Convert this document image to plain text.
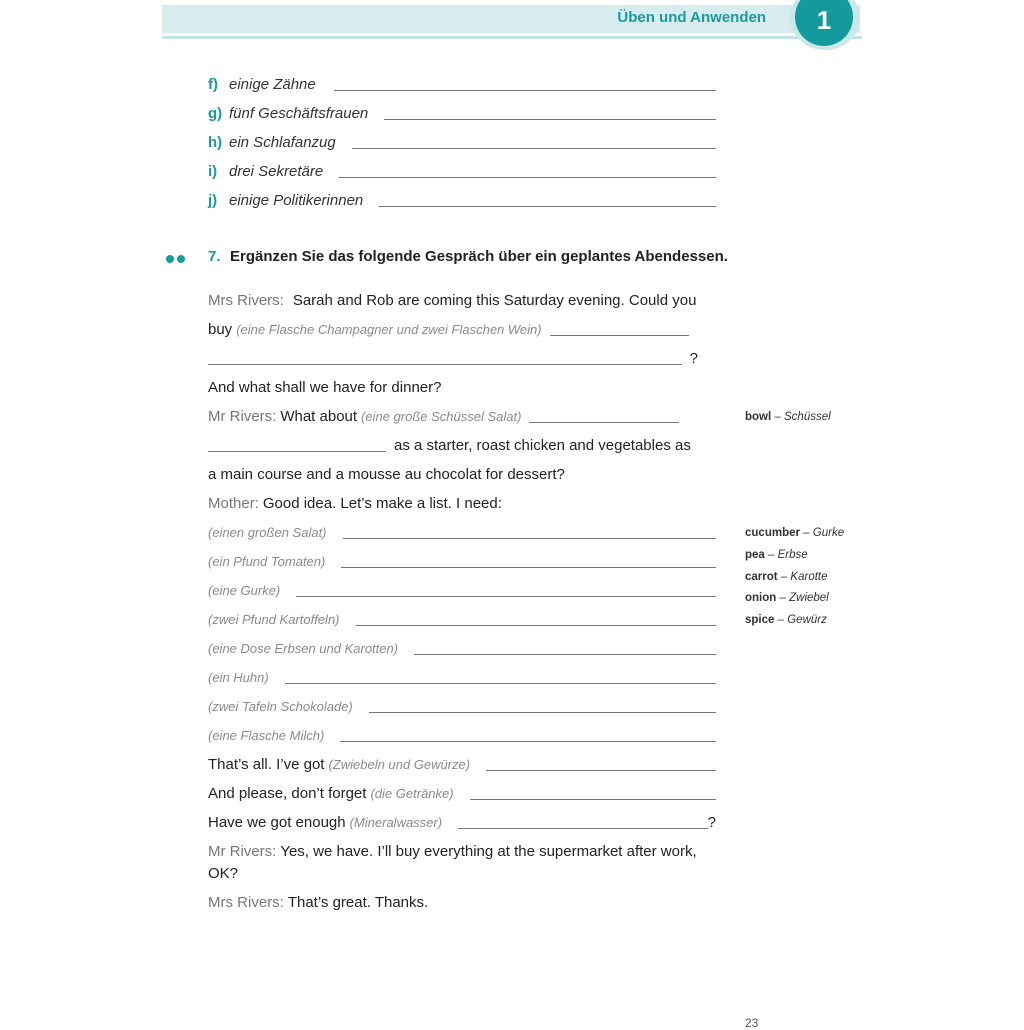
Üben und Anwenden	1
f) einige Zähne
g) fünf Geschäftsfrauen
h) ein Schlafanzug
i) drei Sekretäre
j) einige Politikerinnen
7. Ergänzen Sie das folgende Gespräch über ein geplantes Abendessen.
Mrs Rivers: Sarah and Rob are coming this Saturday evening. Could you
buy (eine Flasche Champagner und zwei Flaschen Wein)
?
And what shall we have for dinner?
Mr Rivers: What about (eine große Schüssel Salat)
as a starter, roast chicken and vegetables as
a main course and a mousse au chocolat for dessert?
Mother: Good idea. Let’s make a list. I need:
(einen großen Salat)
(ein Pfund Tomaten)
(eine Gurke)
(zwei Pfund Kartoffeln)
(eine Dose Erbsen und Karotten)
(ein Huhn)
(zwei Tafeln Schokolade)
(eine Flasche Milch)
That’s all. I’ve got (Zwiebeln und Gewürze)
And please, don’t forget (die Getränke)
Have we got enough (Mineralwasser)	?
Mr Rivers: Yes, we have. I’ll buy everything at the supermarket after work,
OK?
Mrs Rivers: That’s great. Thanks.
bowl – Schüssel
cucumber – Gurke
pea – Erbse
carrot – Karotte
onion – Zwiebel
spice – Gewürz
23
